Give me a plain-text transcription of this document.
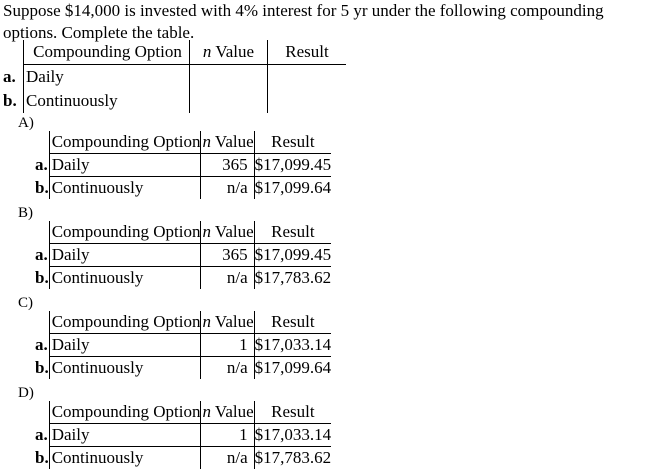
Suppose $14,000 is invested with 4% interest for 5 yr under the following compounding options. Complete the table.
	Compounding Option	n Value	Result
a.	Daily		
b.	Continuously		
A)
	Compounding Option	n Value	Result
a.	Daily	365	$17,099.45
b.	Continuously	n/a	$17,099.64
B)
	Compounding Option	n Value	Result
a.	Daily	365	$17,099.45
b.	Continuously	n/a	$17,783.62
C)
	Compounding Option	n Value	Result
a.	Daily	1	$17,033.14
b.	Continuously	n/a	$17,099.64
D)
	Compounding Option	n Value	Result
a.	Daily	1	$17,033.14
b.	Continuously	n/a	$17,783.62
